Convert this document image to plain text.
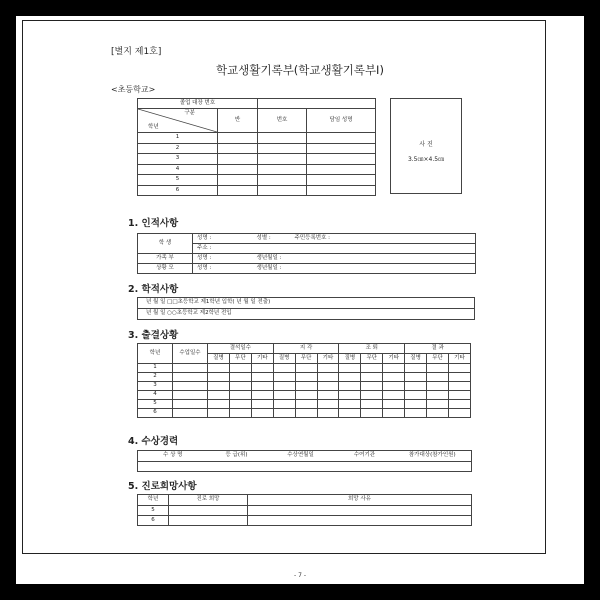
[별지 제1호]
학교생활기록부(학교생활기록부Ⅰ)
<초등학교>
졸업 대장 번호			

구분
학년	반	번호	담임 성명
1			
2			
3			
4			
5			
6			
사 진
3.5㎝×4.5㎝
1. 인적사항
학 생	성명 :	성별 :	주민등록번호 :
	주소 :		
가족 부	성명 :	생년월일 :	
상황 모	성명 :	생년월일 :	
2. 학적사항
년 월 일 □□초등학교 제1학년 입학( 년 월 일 전출)
년 월 일 ○○초등학교 제2학년 전입
3. 출결상황
학년	수업일수	결석일수			지 각			조 퇴			결 과		
		질병	무단	기타	질병	무단	기타	질병	무단	기타	질병	무단	기타
1													
2													
3													
4													
5													
6													
4. 수상경력
수 상 명	등 급(위)	수상연월일	수여기관	참가대상(참가인원)

5. 진로희망사항
학년	진로 희망	희망 사유
5		
6		
- 7 -
